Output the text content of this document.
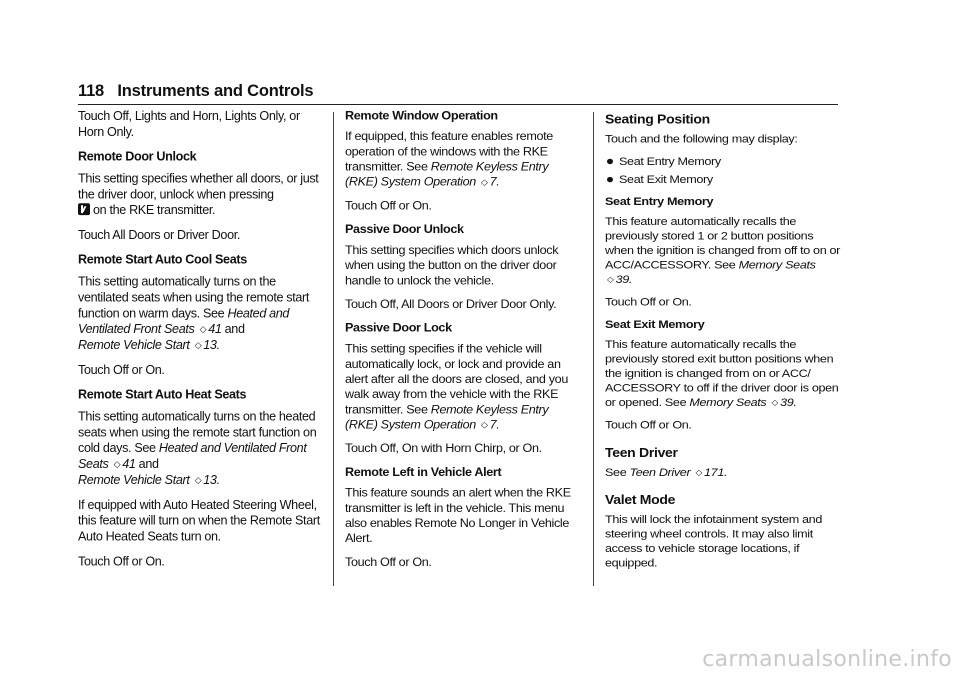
118 Instruments and Controls

Touch Off, Lights and Horn, Lights Only, or Horn Only.

Remote Door Unlock

This setting specifies whether all doors, or just the driver door, unlock when pressing
on the RKE transmitter.

Touch All Doors or Driver Door.

Remote Start Auto Cool Seats

This setting automatically turns on the ventilated seats when using the remote start function on warm days. See Heated and Ventilated Front Seats ◇ 41 and
Remote Vehicle Start ◇ 13.

Touch Off or On.

Remote Start Auto Heat Seats

This setting automatically turns on the heated seats when using the remote start function on cold days. See Heated and Ventilated Front Seats ◇ 41 and
Remote Vehicle Start ◇ 13.

If equipped with Auto Heated Steering Wheel, this feature will turn on when the Remote Start Auto Heated Seats turn on.

Touch Off or On.

Remote Window Operation

If equipped, this feature enables remote operation of the windows with the RKE transmitter. See Remote Keyless Entry (RKE) System Operation ◇ 7.

Touch Off or On.

Passive Door Unlock

This setting specifies which doors unlock when using the button on the driver door handle to unlock the vehicle.

Touch Off, All Doors or Driver Door Only.

Passive Door Lock

This setting specifies if the vehicle will automatically lock, or lock and provide an alert after all the doors are closed, and you walk away from the vehicle with the RKE transmitter. See Remote Keyless Entry (RKE) System Operation ◇ 7.

Touch Off, On with Horn Chirp, or On.

Remote Left in Vehicle Alert

This feature sounds an alert when the RKE transmitter is left in the vehicle. This menu also enables Remote No Longer in Vehicle Alert.

Touch Off or On.

Seating Position

Touch and the following may display:

Seat Entry Memory
Seat Exit Memory

Seat Entry Memory

This feature automatically recalls the previously stored 1 or 2 button positions when the ignition is changed from off to on or ACC/ACCESSORY. See Memory Seats ◇ 39.

Touch Off or On.

Seat Exit Memory

This feature automatically recalls the previously stored exit button positions when the ignition is changed from on or ACC/ ACCESSORY to off if the driver door is open or opened. See Memory Seats ◇ 39.

Touch Off or On.

Teen Driver

See Teen Driver ◇ 171.

Valet Mode

This will lock the infotainment system and steering wheel controls. It may also limit access to vehicle storage locations, if equipped.

carmanualsonline.info
